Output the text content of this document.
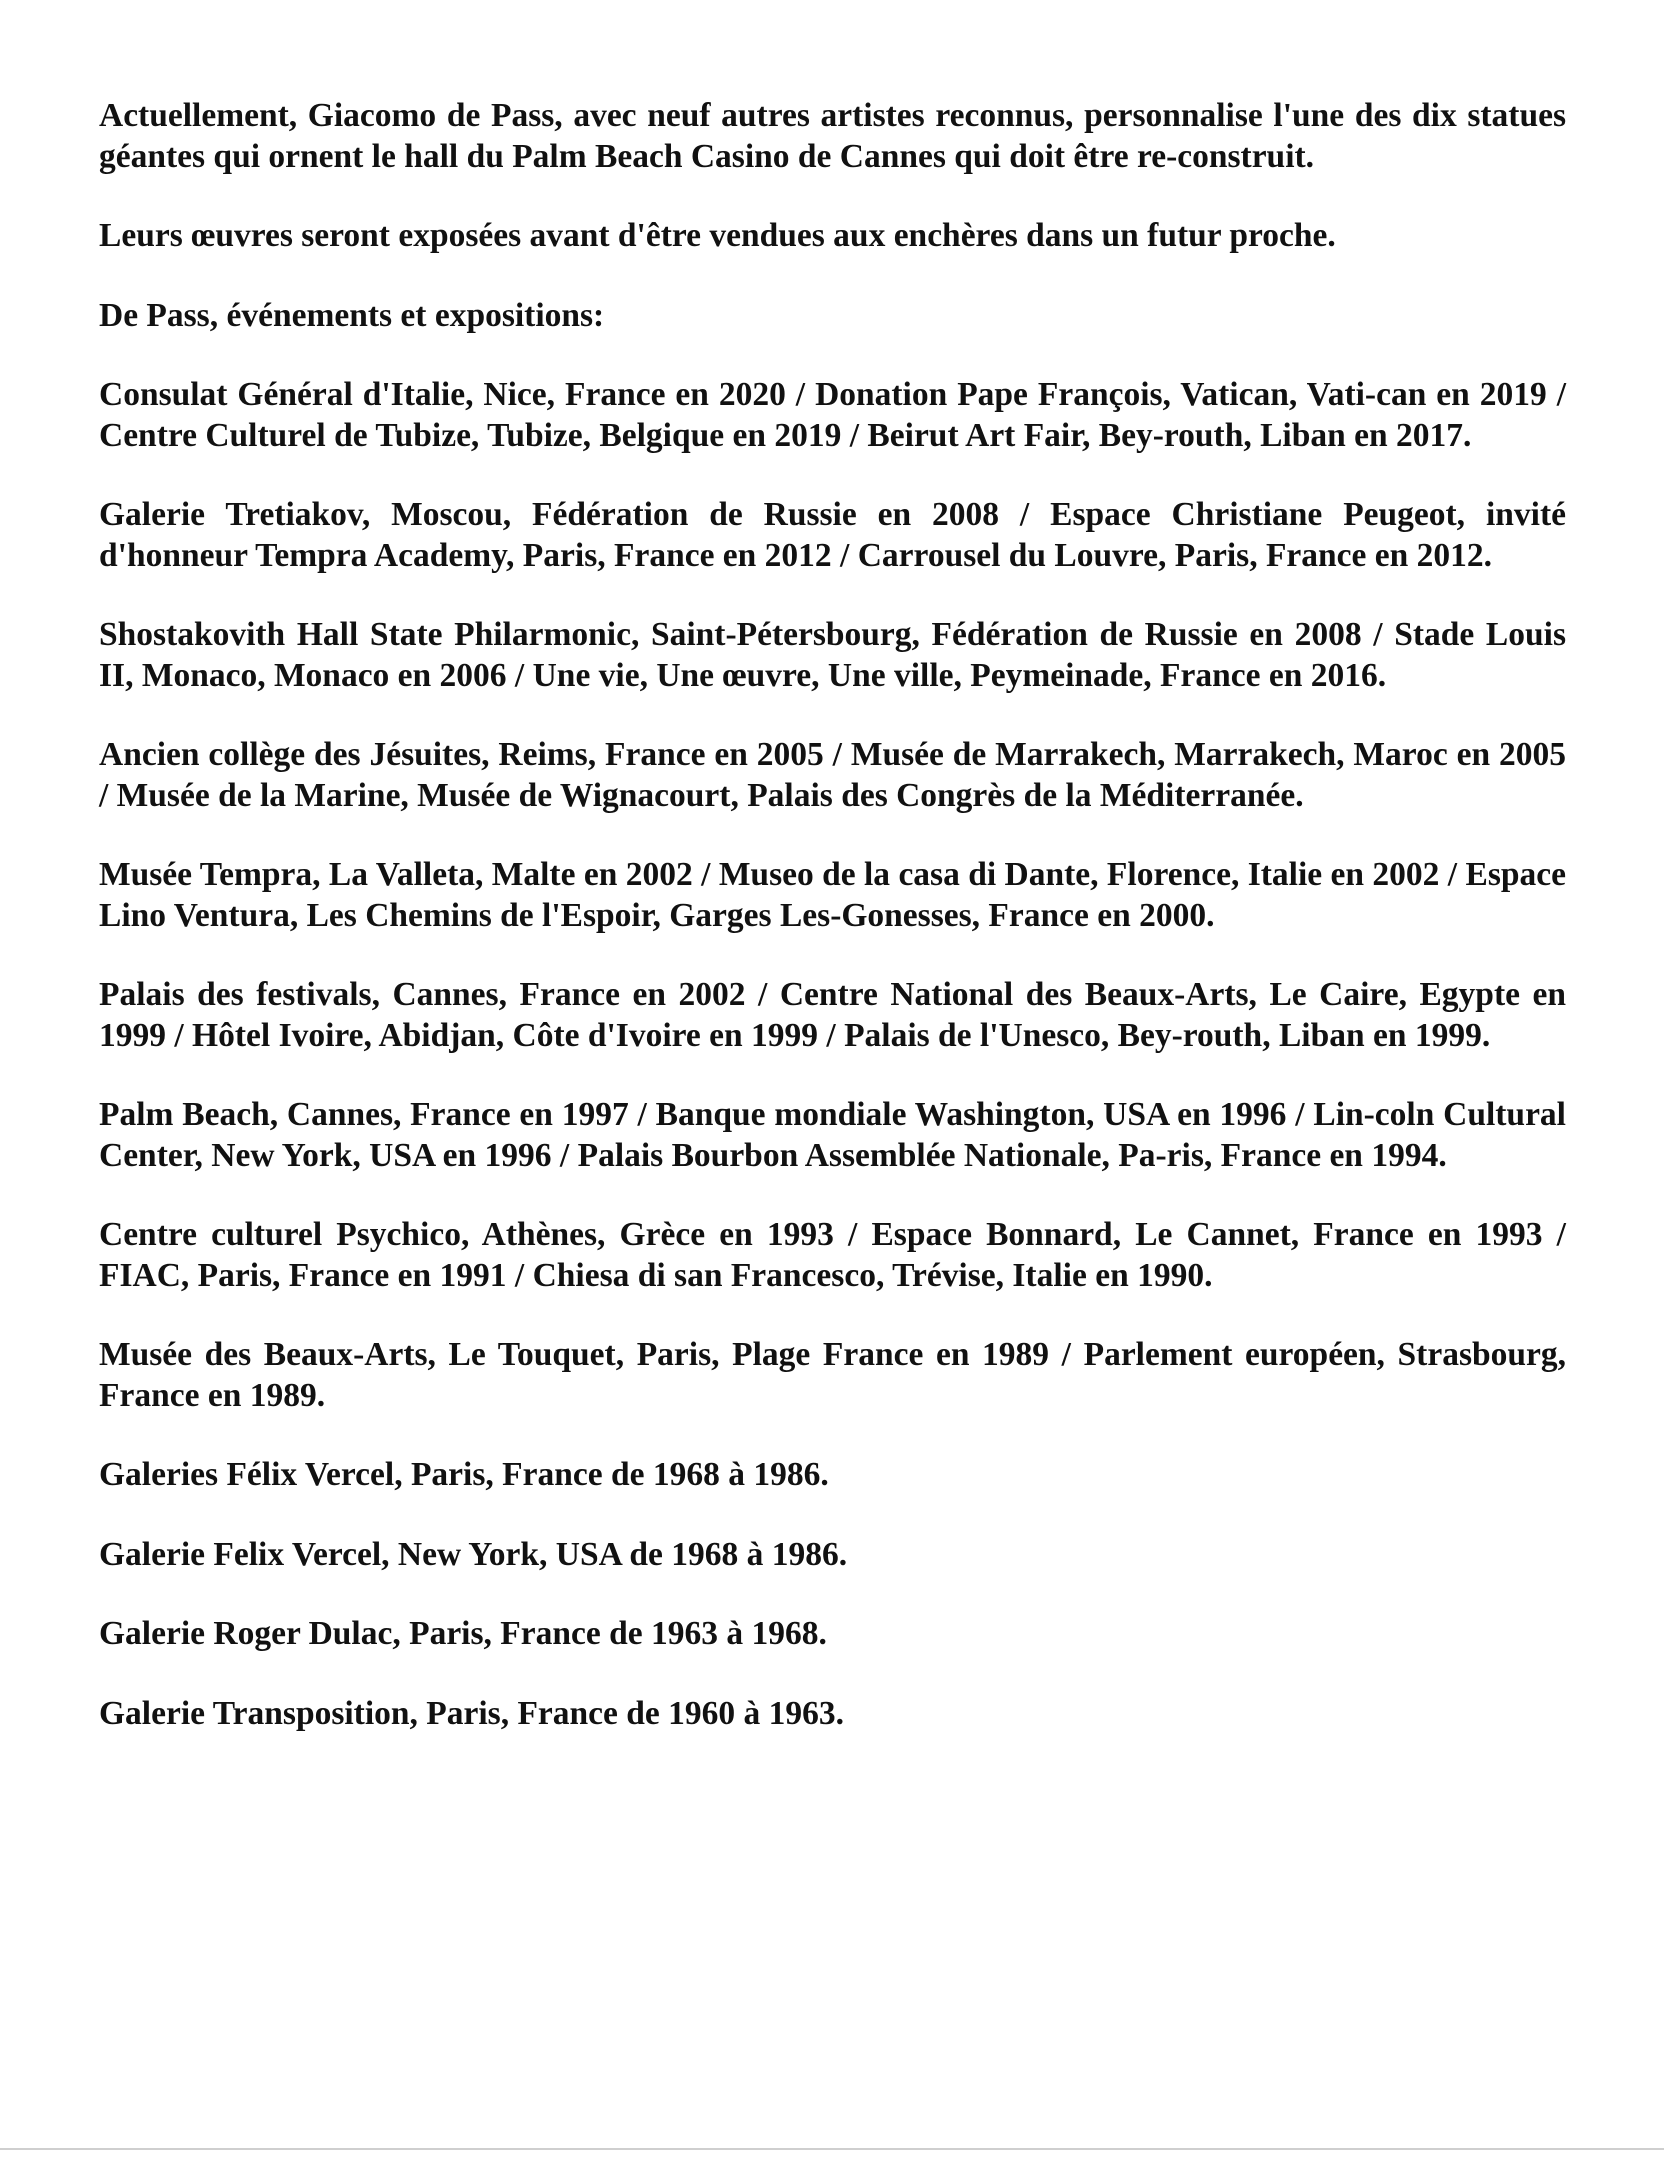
Actuellement, Giacomo de Pass, avec neuf autres artistes reconnus, personnalise l'une des dix statues géantes qui ornent le hall du Palm Beach Casino de Cannes qui doit être re-construit.

Leurs œuvres seront exposées avant d'être vendues aux enchères dans un futur proche.

De Pass, événements et expositions:

Consulat Général d'Italie, Nice, France en 2020 / Donation Pape François, Vatican, Vati-can en 2019 / Centre Culturel de Tubize, Tubize, Belgique en 2019 / Beirut Art Fair, Bey-routh, Liban en 2017.

Galerie Tretiakov, Moscou, Fédération de Russie en 2008 / Espace Christiane Peugeot, invité d'honneur Tempra Academy, Paris, France en 2012 / Carrousel du Louvre, Paris, France en 2012.

Shostakovith Hall State Philarmonic, Saint-Pétersbourg, Fédération de Russie en 2008 / Stade Louis II, Monaco, Monaco en 2006 / Une vie, Une œuvre, Une ville, Peymeinade, France en 2016.

Ancien collège des Jésuites, Reims, France en 2005 / Musée de Marrakech, Marrakech, Maroc en 2005 / Musée de la Marine, Musée de Wignacourt, Palais des Congrès de la Méditerranée.

Musée Tempra, La Valleta, Malte en 2002 / Museo de la casa di Dante, Florence, Italie en 2002 / Espace Lino Ventura, Les Chemins de l'Espoir, Garges Les-Gonesses, France en 2000.

Palais des festivals, Cannes, France en 2002 / Centre National des Beaux-Arts, Le Caire, Egypte en 1999 / Hôtel Ivoire, Abidjan, Côte d'Ivoire en 1999 / Palais de l'Unesco, Bey-routh, Liban en 1999.

Palm Beach, Cannes, France en 1997 / Banque mondiale Washington, USA en 1996 / Lin-coln Cultural Center, New York, USA en 1996 / Palais Bourbon Assemblée Nationale, Pa-ris, France en 1994.

Centre culturel Psychico, Athènes, Grèce en 1993 / Espace Bonnard, Le Cannet, France en 1993 / FIAC, Paris, France en 1991 / Chiesa di san Francesco, Trévise, Italie en 1990.

Musée des Beaux-Arts, Le Touquet, Paris, Plage France en 1989 / Parlement européen, Strasbourg, France en 1989.

Galeries Félix Vercel, Paris, France de 1968 à 1986.

Galerie Felix Vercel, New York, USA de 1968 à 1986.

Galerie Roger Dulac, Paris, France de 1963 à 1968.

Galerie Transposition, Paris, France de 1960 à 1963.
